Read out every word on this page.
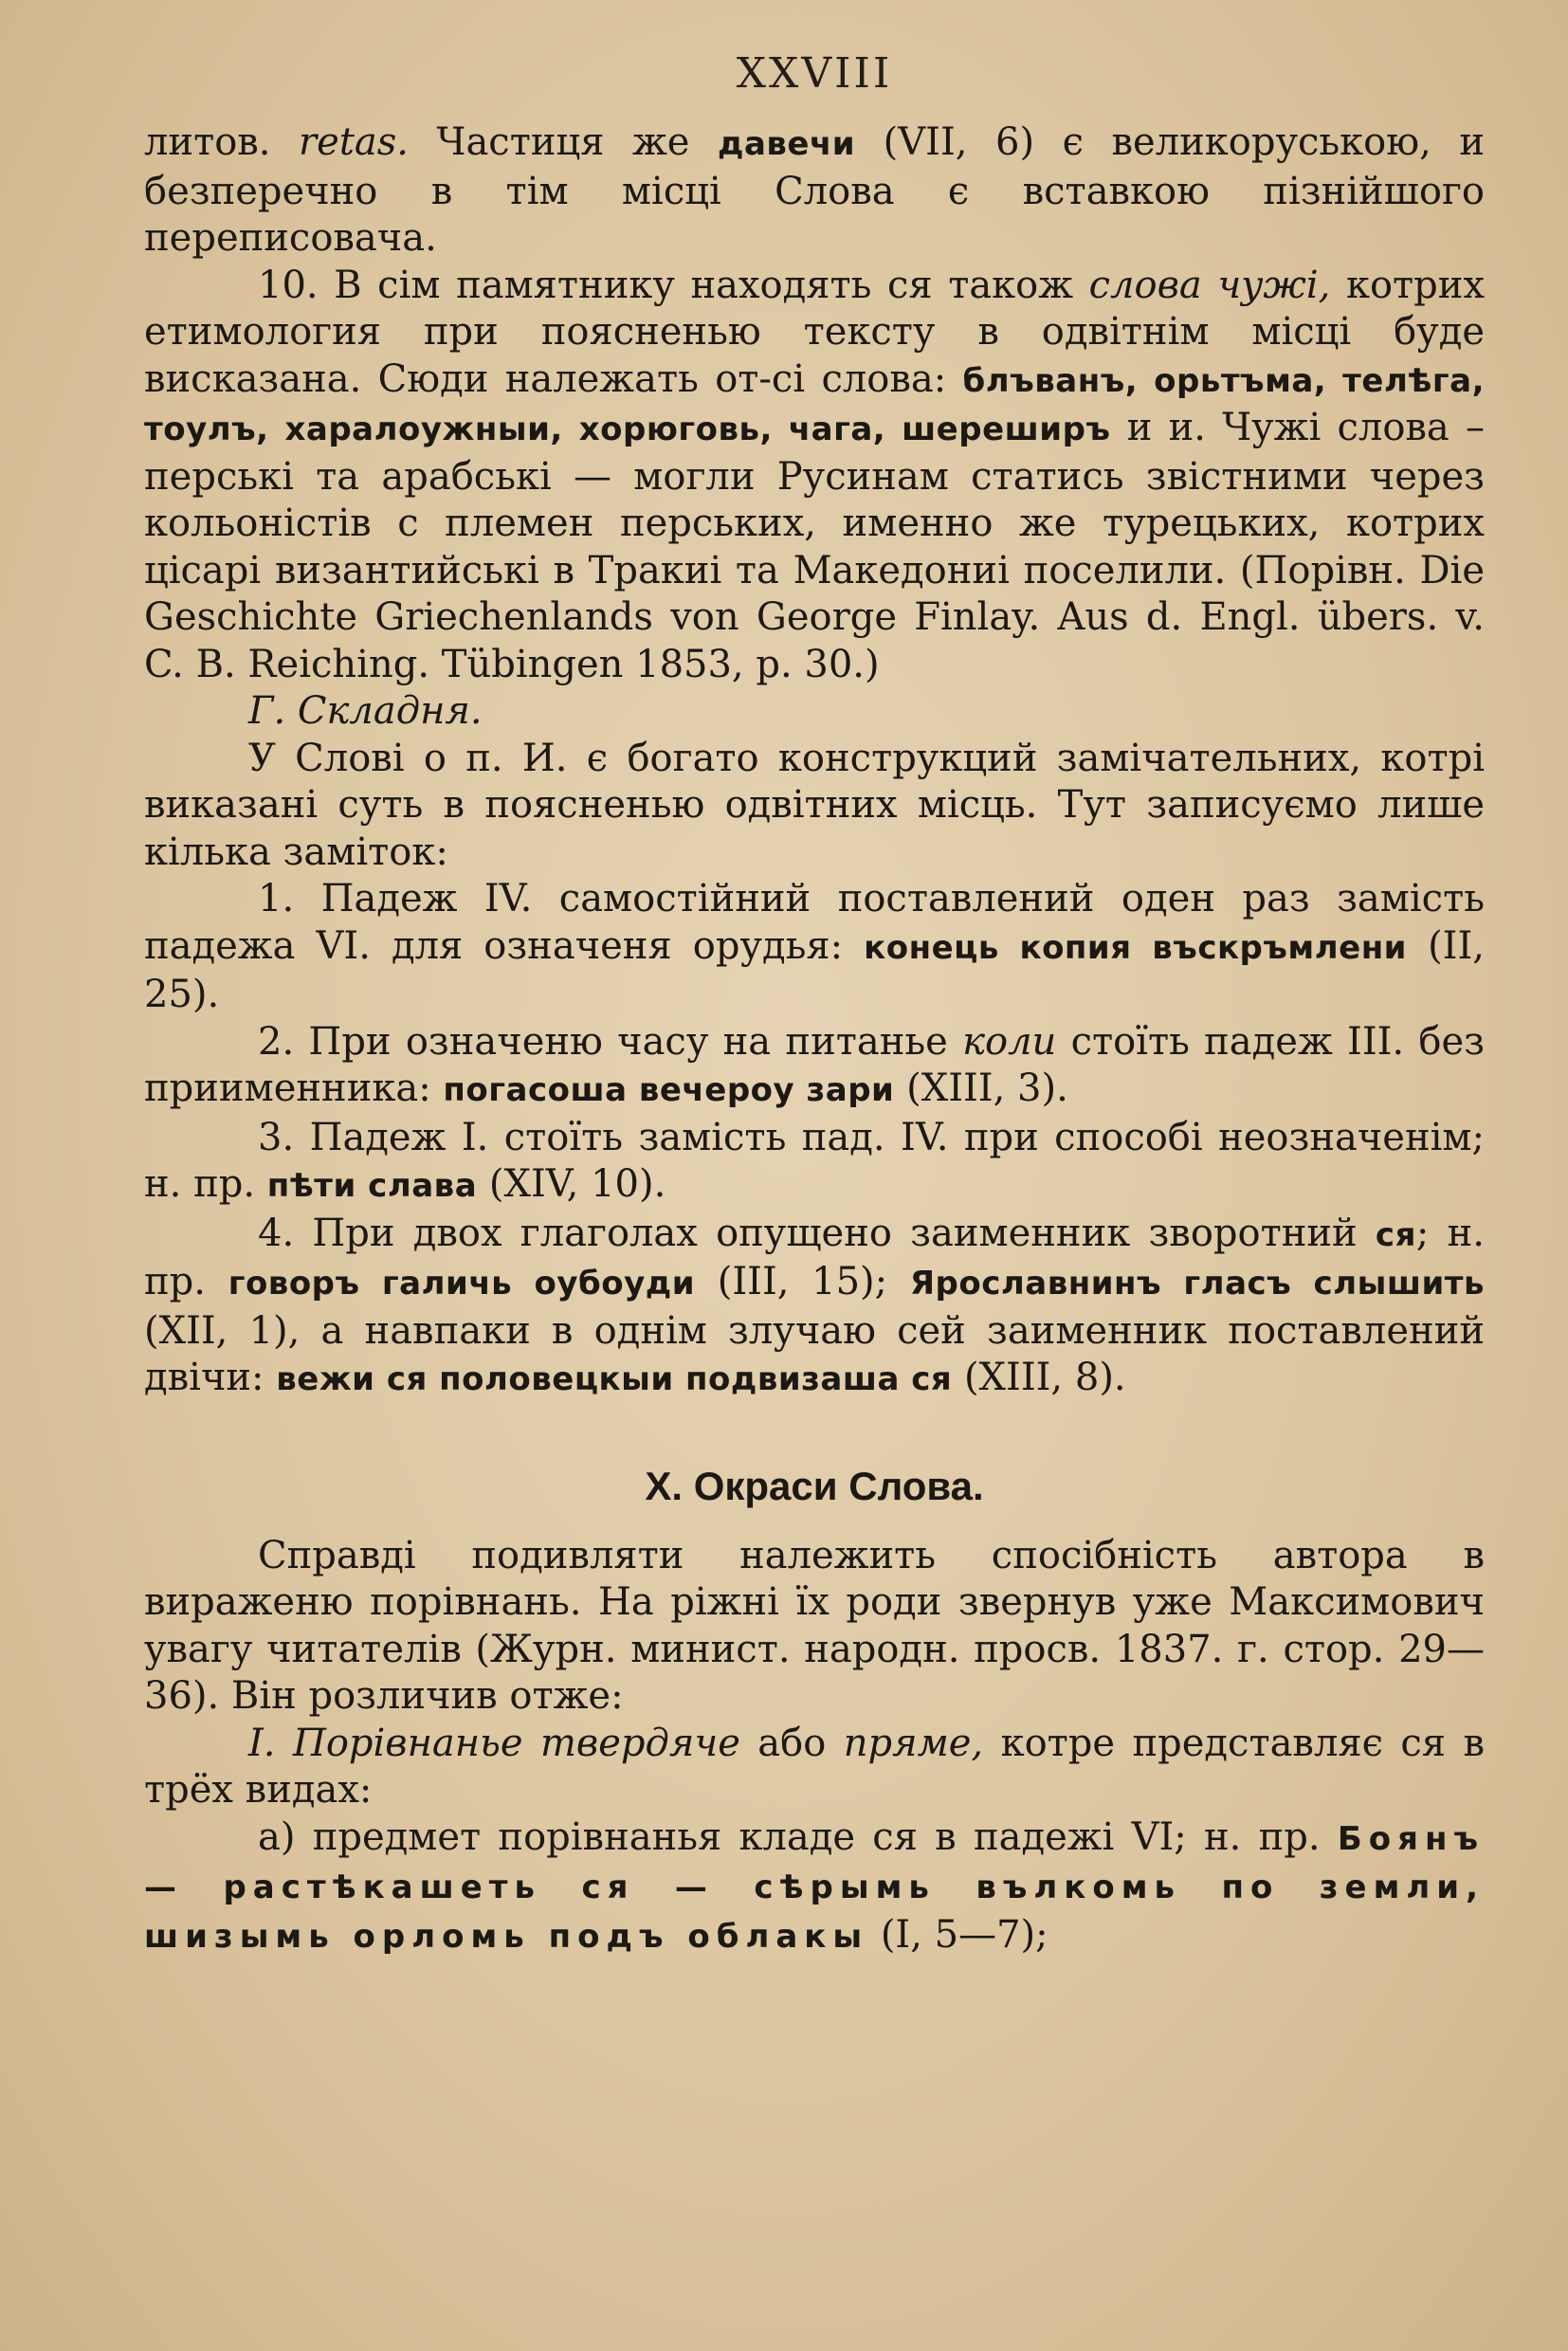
XXVIII

литов. retas. Частиця же давечи (VII, 6) є великоруською, и безперечно в тім місці Слова є вставкою пізнійшого переписовача.

10. В сім памятнику находять ся також слова чужі, котрих етимология при поясненью тексту в одвітнім місці буде висказана. Сюди належать от-сі слова: блъванъ, орьтъма, телѣга, тоулъ, харалоужныи, хорюговь, чага, шереширъ и и. Чужі слова – перські та арабські — могли Русинам статись звістними через кольоністів с племен перських, именно же турецьких, котрих цісарі византийські в Тракиі та Македониі поселили. (Порівн. Die Geschichte Griechenlands von George Finlay. Aus d. Engl. übers. v. C. B. Reiching. Tübingen 1853, p. 30.)

Г. Складня.

У Слові о п. И. є богато конструкций замічательних, котрі виказані суть в поясненью одвітних місць. Тут записуємо лише кілька заміток:

1. Падеж IV. самостійний поставлений оден раз замість падежа VI. для означеня орудья: конець копия въскръмлени (II, 25).

2. При означеню часу на питанье коли стоїть падеж III. без приименника: погасоша вечероу зари (XIII, 3).

3. Падеж I. стоїть замість пад. IV. при способі неозначенім; н. пр. пѣти слава (XIV, 10).

4. При двох глаголах опущено заименник зворотний ся; н. пр. говоръ галичь оубоуди (III, 15); Ярославнинъ гласъ слышить (XII, 1), а навпаки в однім злучаю сей заименник поставлений двічи: вежи ся половецкыи подвизаша ся (XIII, 8).

Х. Окраси Слова.

Справді подивляти належить спосібність автора в вираженю порівнань. На ріжні їх роди звернув уже Максимович увагу читателів (Журн. минист. народн. просв. 1837. г. стор. 29—36). Він розличив отже:

I. Порівнанье твердяче або пряме, котре представляє ся в трёх видах:

а) предмет порівнанья кладе ся в падежі VI; н. пр. Боянъ — растѣкашеть ся — сѣрымь вълкомь по земли, шизымь орломь подъ облакы (I, 5—7);
